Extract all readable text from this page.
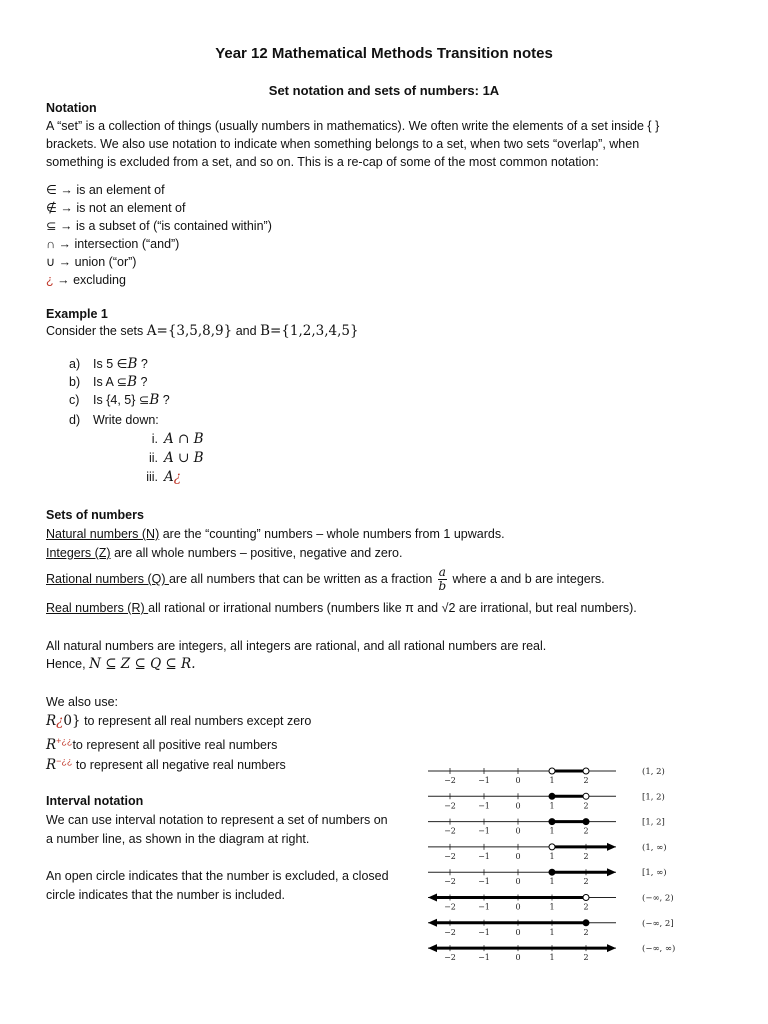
Year 12 Mathematical Methods Transition notes
Set notation and sets of numbers: 1A
Notation
A “set” is a collection of things (usually numbers in mathematics). We often write the elements of a set inside { }
brackets. We also use notation to indicate when something belongs to a set, when two sets “overlap”, when
something is excluded from a set, and so on. This is a re-cap of some of the most common notation:
∈ → is an element of
∉ → is not an element of
⊆ → is a subset of (“is contained within”)
∩ → intersection (“and”)
∪ → union (“or”)
¿ → excluding
Example 1
Consider the sets A={3,5,8,9} and B={1,2,3,4,5}
a) Is 5 ∈B ?
b) Is A ⊆B ?
c) Is {4, 5} ⊆B ?
d) Write down:
i. A ∩ B
ii. A ∪ B
iii. A¿
Sets of numbers
Natural numbers (N) are the “counting” numbers – whole numbers from 1 upwards.
Integers (Z) are all whole numbers – positive, negative and zero.
Rational numbers (Q) are all numbers that can be written as a fraction $\frac{a}{b}$ where a and b are integers.
Real numbers (R) all rational or irrational numbers (numbers like π and √2 are irrational, but real numbers).
All natural numbers are integers, all integers are rational, and all rational numbers are real.
Hence, N ⊆ Z ⊆ Q ⊆ R.
We also use:
R¿0} to represent all real numbers except zero
R+¿¿to represent all positive real numbers
R−¿¿ to represent all negative real numbers
Interval notation
We can use interval notation to represent a set of numbers on
a number line, as shown in the diagram at right.
An open circle indicates that the number is excluded, a closed
circle indicates that the number is included.
−2	−1	0	1	2
(1, 2)
−2	−1	0	1	2
[1, 2)
−2	−1	0	1	2
[1, 2]
−2	−1	0	1	2
(1, ∞)
−2	−1	0	1	2
[1, ∞)
−2	−1	0	1	2
(−∞, 2)
−2	−1	0	1	2
(−∞, 2]
−2	−1	0	1	2
(−∞, ∞)
